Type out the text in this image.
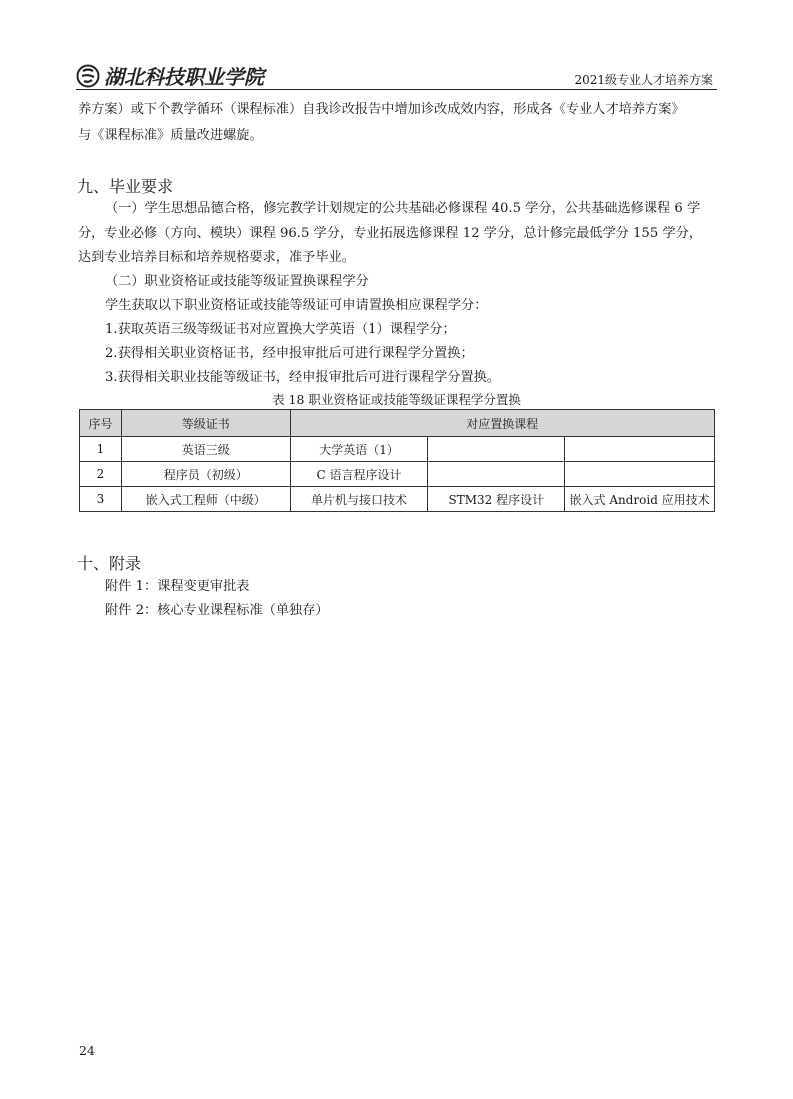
湖北科技职业学院	2021级专业人才培养方案

养方案）或下个教学循环（课程标准）自我诊改报告中增加诊改成效内容，形成各《专业人才培养方案》

与《课程标准》质量改进螺旋。

九、毕业要求

（一）学生思想品德合格，修完教学计划规定的公共基础必修课程 40.5 学分，公共基础选修课程 6 学

分，专业必修（方向、模块）课程 96.5 学分，专业拓展选修课程 12 学分，总计修完最低学分 155 学分，

达到专业培养目标和培养规格要求，准予毕业。

（二）职业资格证或技能等级证置换课程学分

学生获取以下职业资格证或技能等级证可申请置换相应课程学分：

1.获取英语三级等级证书对应置换大学英语（1）课程学分；

2.获得相关职业资格证书，经申报审批后可进行课程学分置换；

3.获得相关职业技能等级证书，经申报审批后可进行课程学分置换。

表 18 职业资格证或技能等级证课程学分置换
序号	等级证书	对应置换课程		
1	英语三级	大学英语（1）		
2	程序员（初级）	C 语言程序设计		
3	嵌入式工程师（中级）	单片机与接口技术	STM32 程序设计	嵌入式 Android 应用技术
十、附录

附件 1：课程变更审批表

附件 2：核心专业课程标准（单独存）

24
